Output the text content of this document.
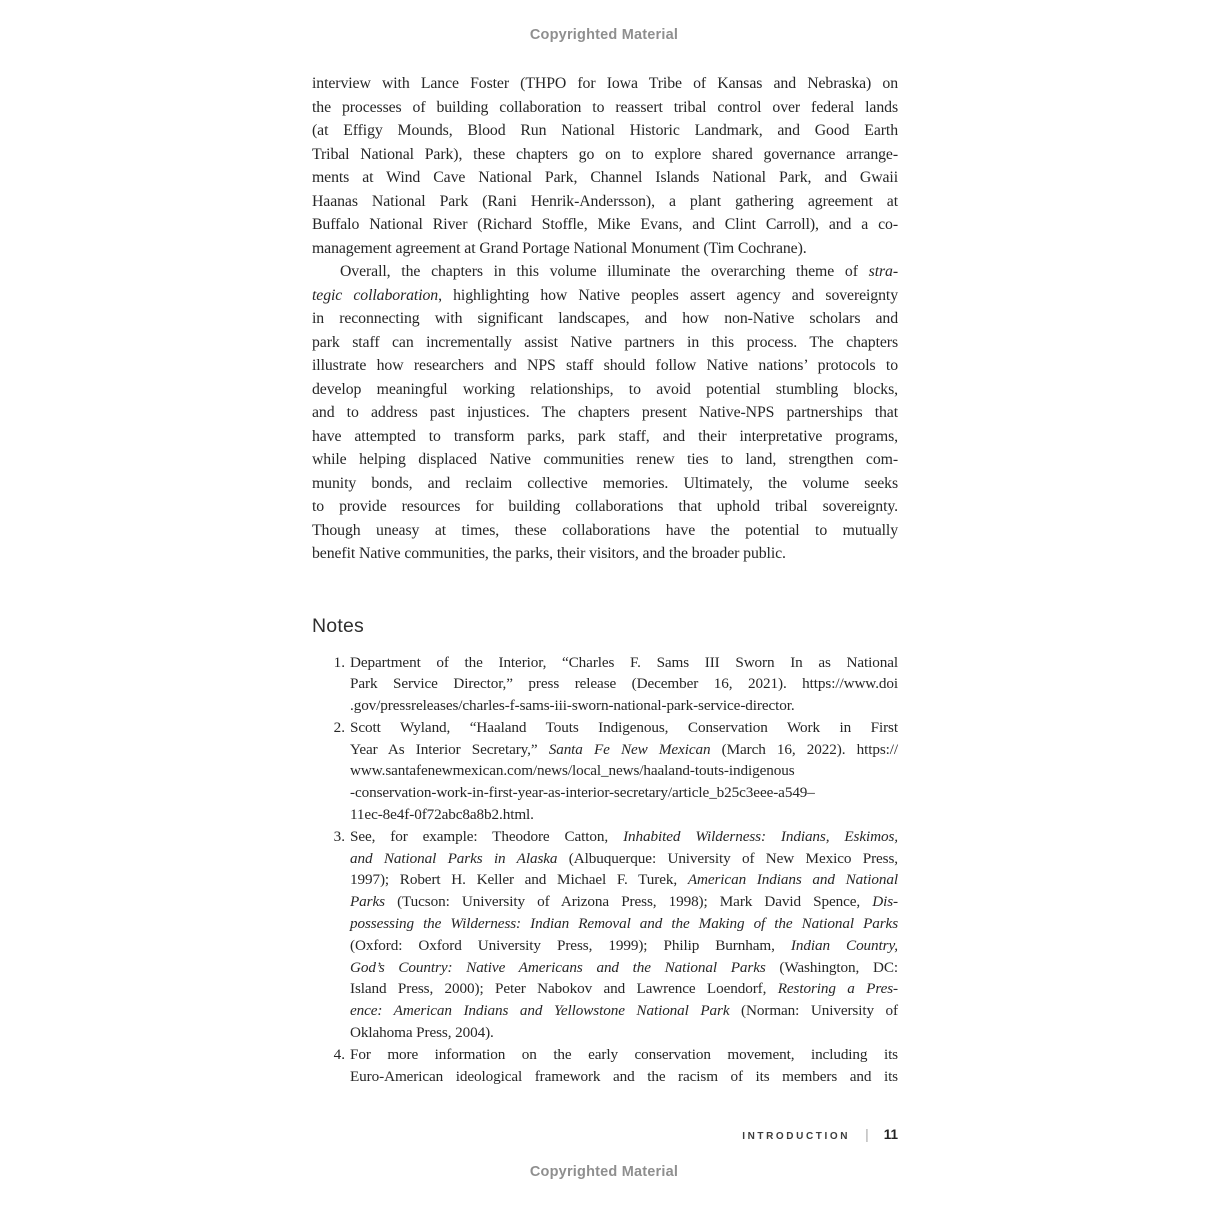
Copyrighted Material
interview with Lance Foster (THPO for Iowa Tribe of Kansas and Nebraska) on
the processes of building collaboration to reassert tribal control over federal lands
(at Effigy Mounds, Blood Run National Historic Landmark, and Good Earth
Tribal National Park), these chapters go on to explore shared governance arrange-
ments at Wind Cave National Park, Channel Islands National Park, and Gwaii
Haanas National Park (Rani Henrik-Andersson), a plant gathering agreement at
Buffalo National River (Richard Stoffle, Mike Evans, and Clint Carroll), and a co-
management agreement at Grand Portage National Monument (Tim Cochrane).
Overall, the chapters in this volume illuminate the overarching theme of stra-
tegic collaboration, highlighting how Native peoples assert agency and sovereignty
in reconnecting with significant landscapes, and how non-Native scholars and
park staff can incrementally assist Native partners in this process. The chapters
illustrate how researchers and NPS staff should follow Native nations’ protocols to
develop meaningful working relationships, to avoid potential stumbling blocks,
and to address past injustices. The chapters present Native-NPS partnerships that
have attempted to transform parks, park staff, and their interpretative programs,
while helping displaced Native communities renew ties to land, strengthen com-
munity bonds, and reclaim collective memories. Ultimately, the volume seeks
to provide resources for building collaborations that uphold tribal sovereignty.
Though uneasy at times, these collaborations have the potential to mutually
benefit Native communities, the parks, their visitors, and the broader public.
Notes
1. Department of the Interior, “Charles F. Sams III Sworn In as National
Park Service Director,” press release (December 16, 2021). https://www.doi
.gov/pressreleases/charles-f-sams-iii-sworn-national-park-service-director.
2. Scott Wyland, “Haaland Touts Indigenous, Conservation Work in First
Year As Interior Secretary,” Santa Fe New Mexican (March 16, 2022). https://
www.santafenewmexican.com/news/local_news/haaland-touts-indigenous
-conservation-work-in-first-year-as-interior-secretary/article_b25c3eee-a549–
11ec-8e4f-0f72abc8a8b2.html.
3. See, for example: Theodore Catton, Inhabited Wilderness: Indians, Eskimos,
and National Parks in Alaska (Albuquerque: University of New Mexico Press,
1997); Robert H. Keller and Michael F. Turek, American Indians and National
Parks (Tucson: University of Arizona Press, 1998); Mark David Spence, Dis-
possessing the Wilderness: Indian Removal and the Making of the National Parks
(Oxford: Oxford University Press, 1999); Philip Burnham, Indian Country,
God’s Country: Native Americans and the National Parks (Washington, DC:
Island Press, 2000); Peter Nabokov and Lawrence Loendorf, Restoring a Pres-
ence: American Indians and Yellowstone National Park (Norman: University of
Oklahoma Press, 2004).
4. For more information on the early conservation movement, including its
Euro-American ideological framework and the racism of its members and its
INTRODUCTION | 11
Copyrighted Material
